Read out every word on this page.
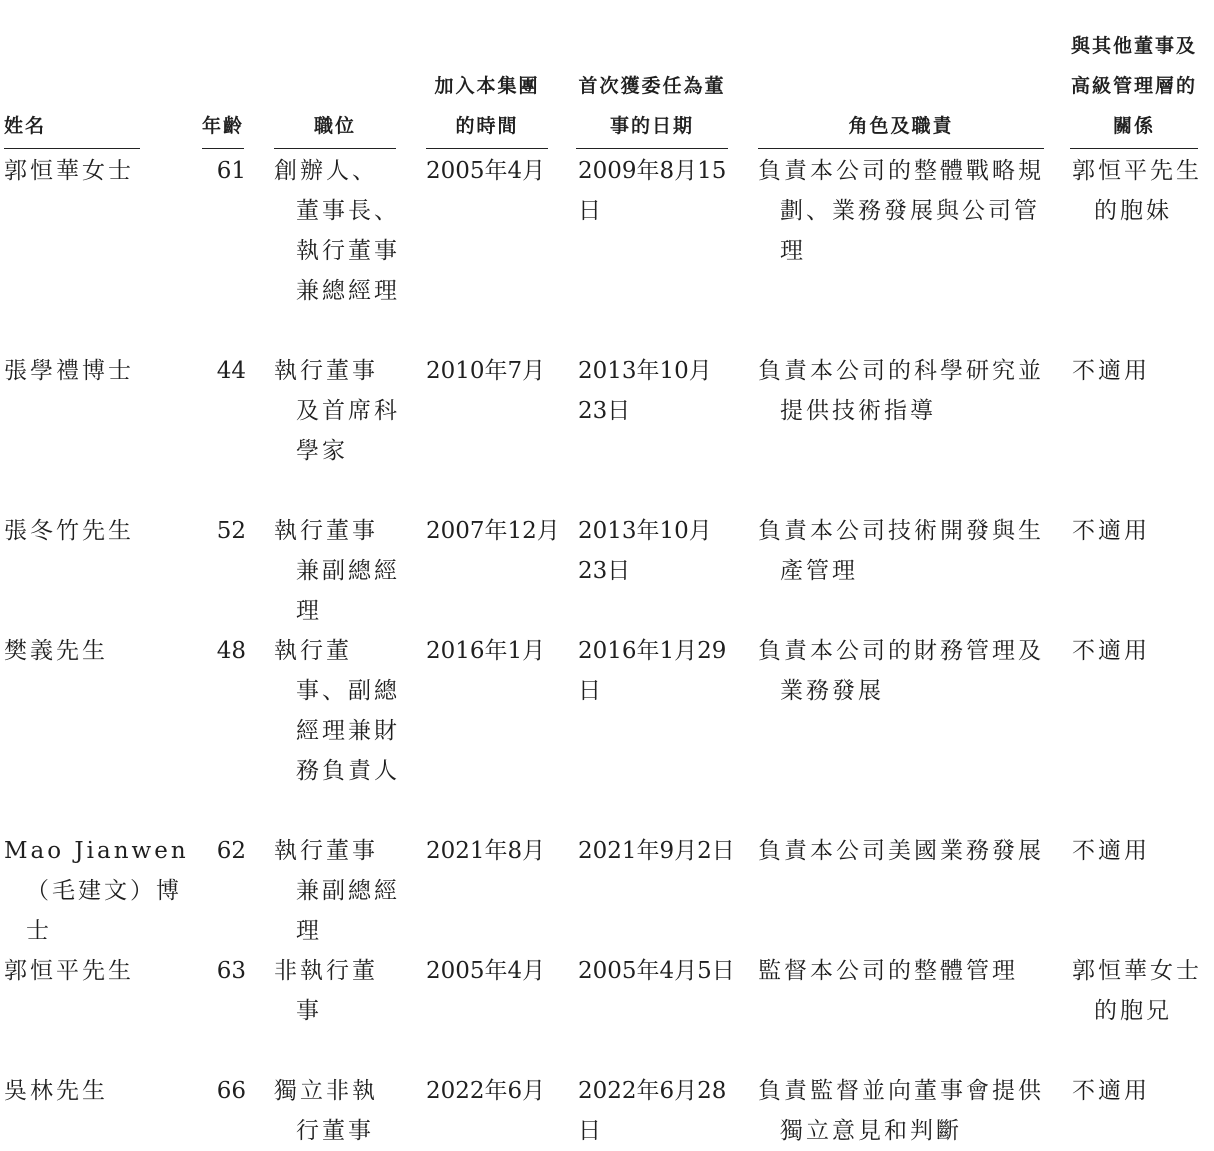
姓名	年齡	職位	加入本集團的時間	首次獲委任為董事的日期	角色及職責	與其他董事及高級管理層的關係

郭恒華女士	61	創辦人、董事長、執行董事兼總經理	2005年4月	2009年8月15日	負責本公司的整體戰略規劃、業務發展與公司管理	郭恒平先生的胞妹
張學禮博士	44	執行董事及首席科學家	2010年7月	2013年10月23日	負責本公司的科學研究並提供技術指導	不適用
張冬竹先生	52	執行董事兼副總經理	2007年12月	2013年10月23日	負責本公司技術開發與生產管理	不適用
樊義先生	48	執行董事、副總經理兼財務負責人	2016年1月	2016年1月29日	負責本公司的財務管理及業務發展	不適用
Mao Jianwen（毛建文）博士	62	執行董事兼副總經理	2021年8月	2021年9月2日	負責本公司美國業務發展	不適用
郭恒平先生	63	非執行董事	2005年4月	2005年4月5日	監督本公司的整體管理	郭恒華女士的胞兄
吳林先生	66	獨立非執行董事	2022年6月	2022年6月28日	負責監督並向董事會提供獨立意見和判斷	不適用
